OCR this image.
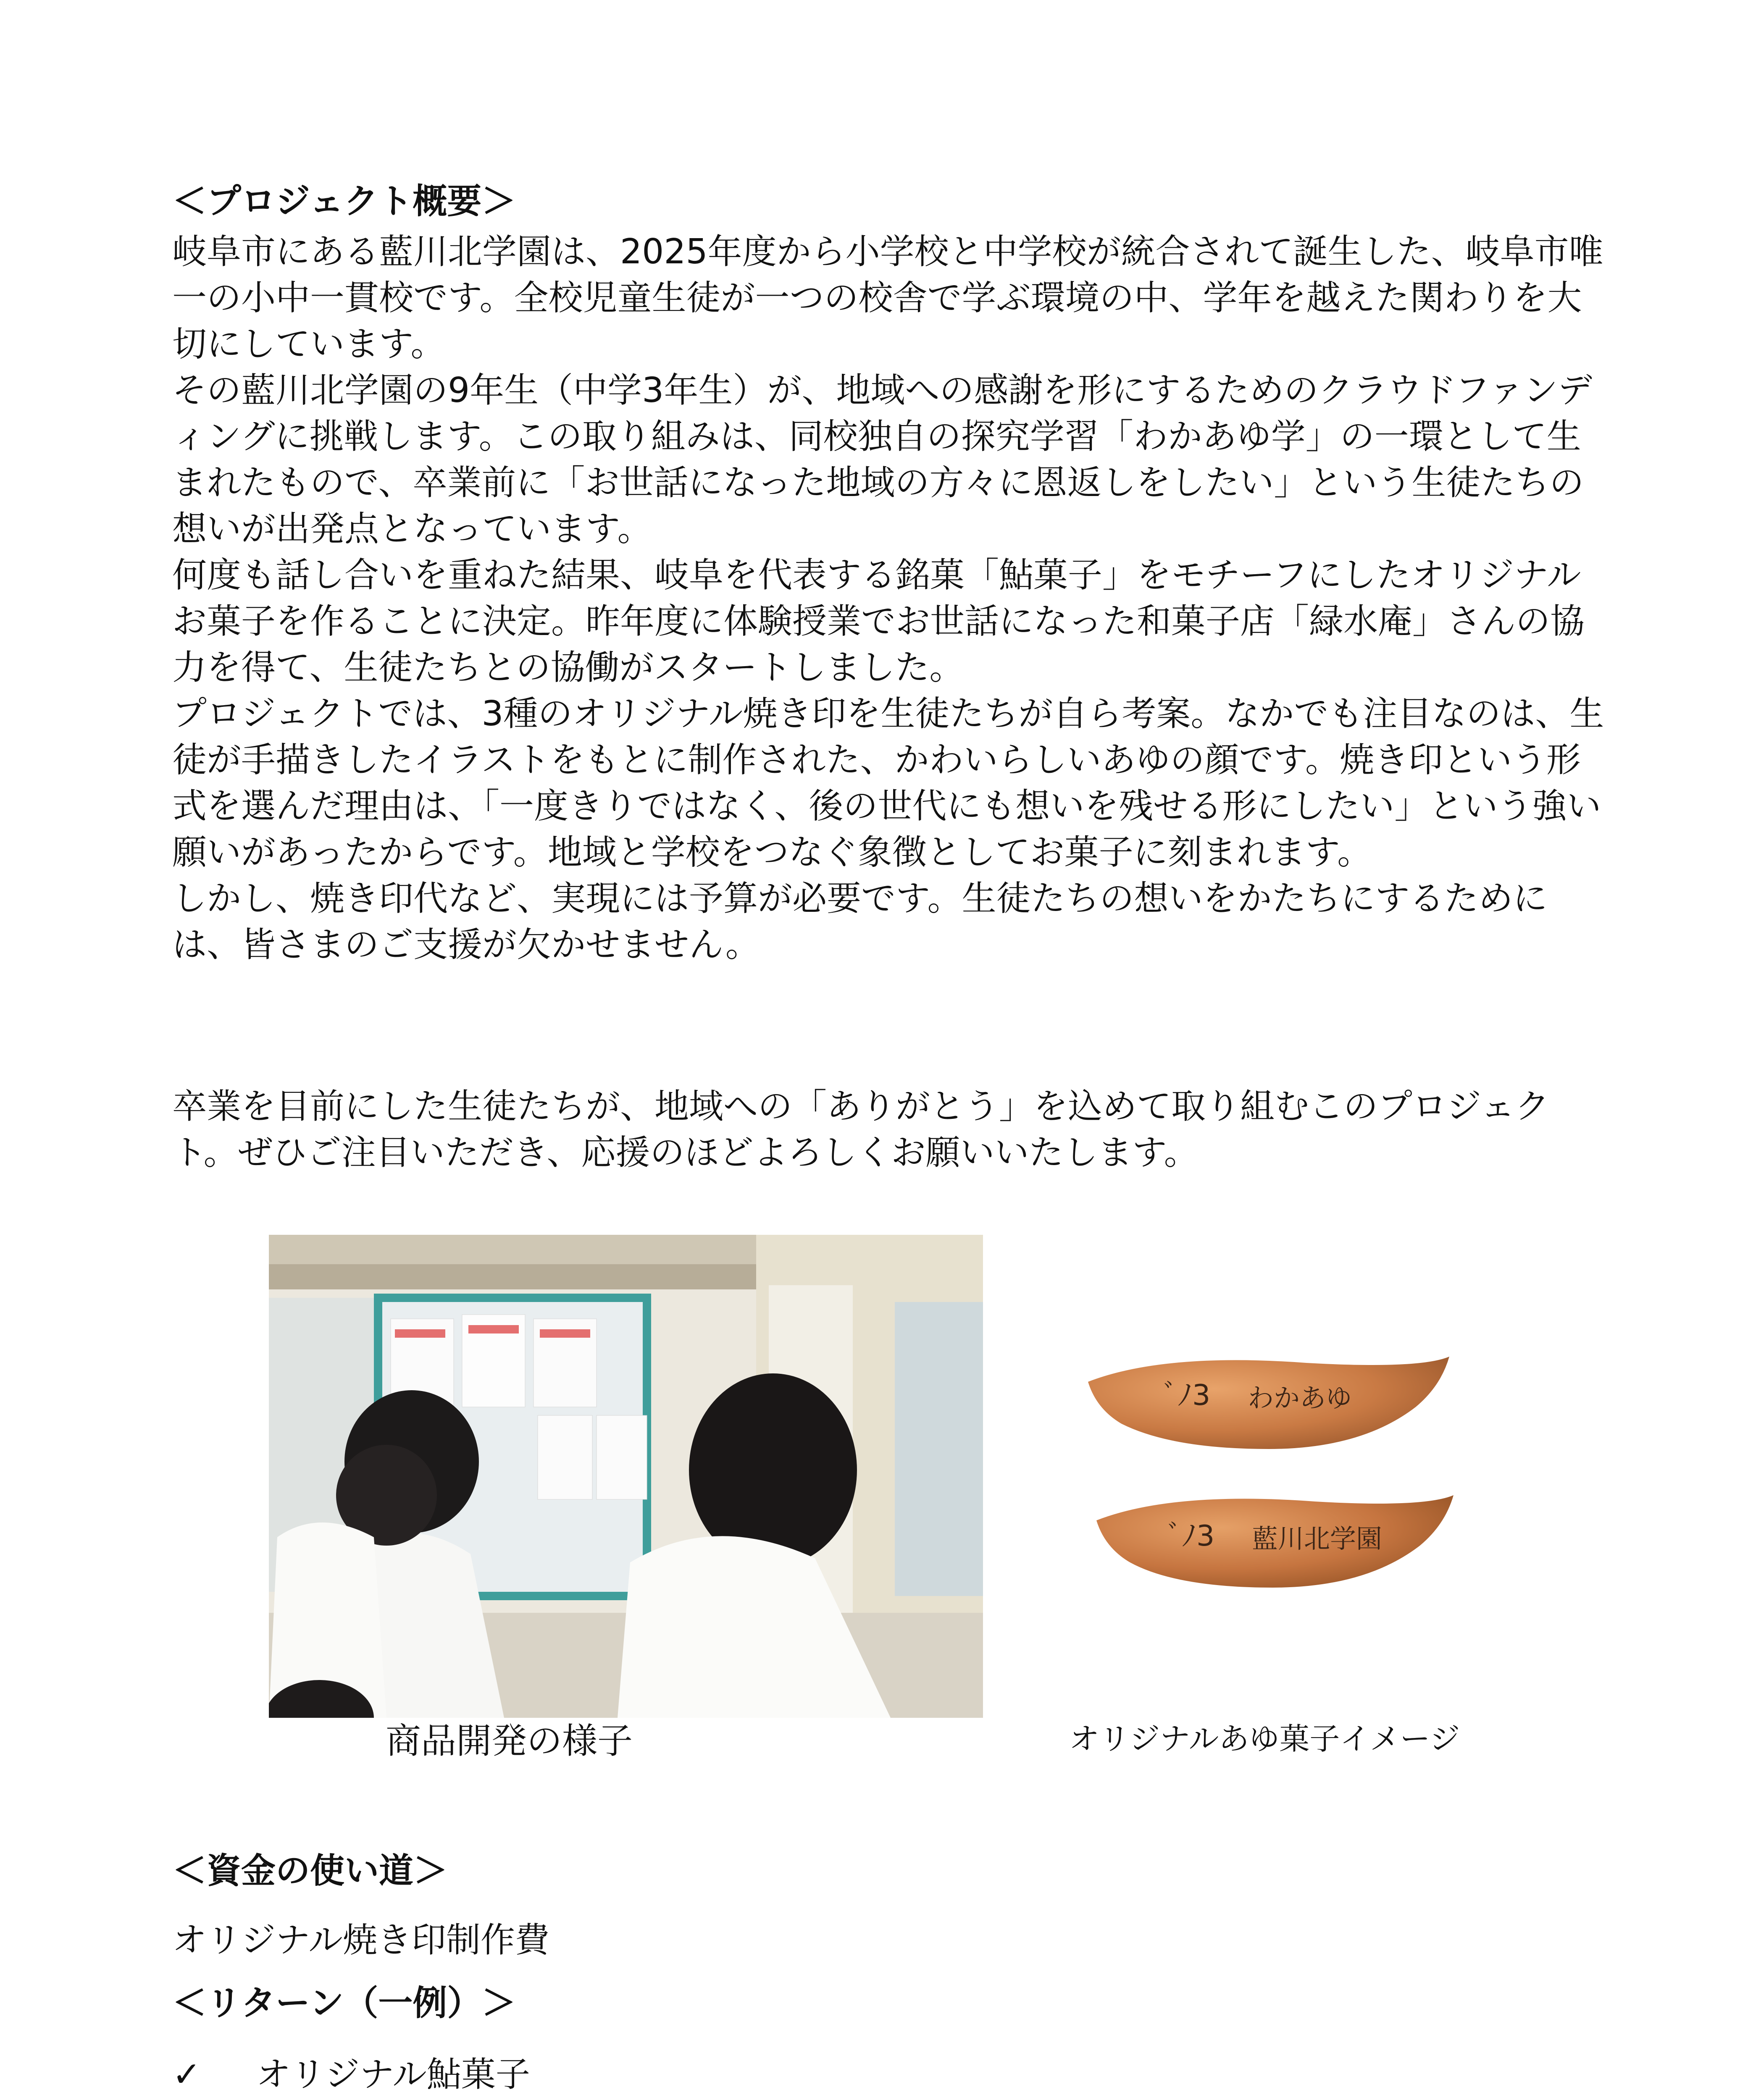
＜プロジェクト概要＞

岐阜市にある藍川北学園は、2025年度から小学校と中学校が統合されて誕生した、岐阜市唯一の小中一貫校です。全校児童生徒が一つの校舎で学ぶ環境の中、学年を越えた関わりを大切にしています。

その藍川北学園の9年生（中学3年生）が、地域への感謝を形にするためのクラウドファンディングに挑戦します。この取り組みは、同校独自の探究学習「わかあゆ学」の一環として生まれたもので、卒業前に「お世話になった地域の方々に恩返しをしたい」という生徒たちの想いが出発点となっています。

何度も話し合いを重ねた結果、岐阜を代表する銘菓「鮎菓子」をモチーフにしたオリジナルお菓子を作ることに決定。昨年度に体験授業でお世話になった和菓子店「緑水庵」さんの協力を得て、生徒たちとの協働がスタートしました。

プロジェクトでは、3種のオリジナル焼き印を生徒たちが自ら考案。なかでも注目なのは、生徒が手描きしたイラストをもとに制作された、かわいらしいあゆの顔です。焼き印という形式を選んだ理由は、「一度きりではなく、後の世代にも想いを残せる形にしたい」という強い願いがあったからです。地域と学校をつなぐ象徴としてお菓子に刻まれます。

しかし、焼き印代など、実現には予算が必要です。生徒たちの想いをかたちにするためには、皆さまのご支援が欠かせません。

卒業を目前にした生徒たちが、地域への「ありがとう」を込めて取り組むこのプロジェクト。ぜひご注目いただき、応援のほどよろしくお願いいたします。
ﾞﾉ3 わかあゆ
ﾞﾉ3 藍川北学園
商品開発の様子	オリジナルあゆ菓子イメージ
＜資金の使い道＞
オリジナル焼き印制作費
＜リターン（一例）＞
✓ オリジナル鮎菓子
